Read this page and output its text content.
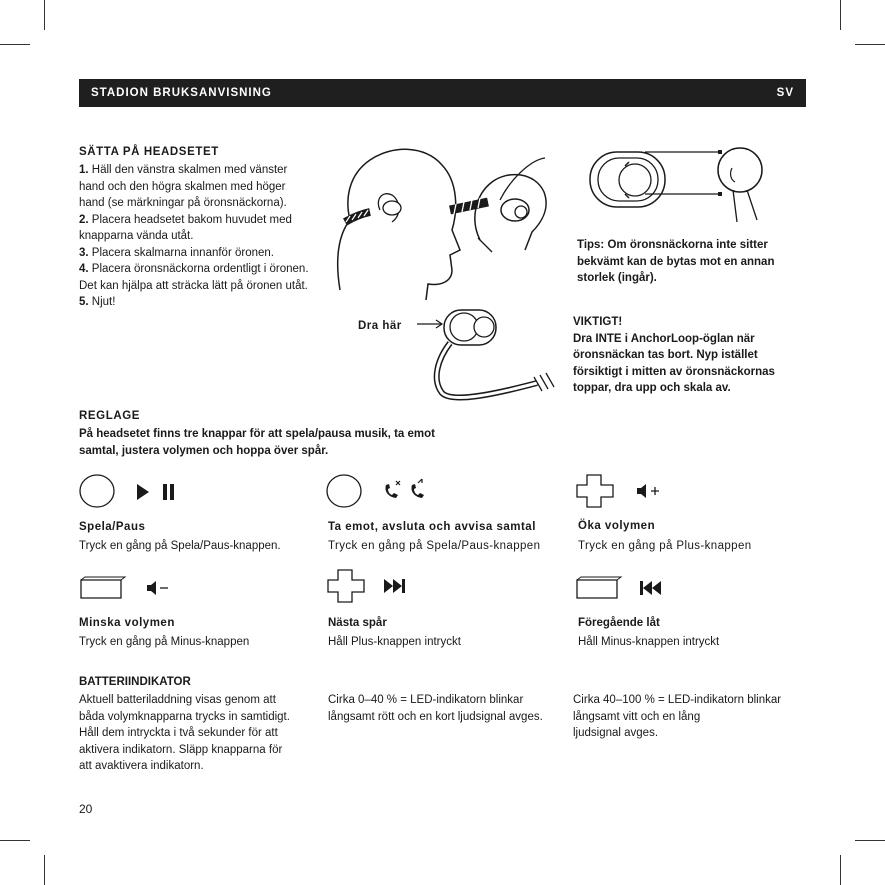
STADION BRUKSANVISNING	SV
SÄTTA PÅ HEADSETET
1. Häll den vänstra skalmen med vänster
hand och den högra skalmen med höger
hand (se märkningar på öronsnäckorna).
2. Placera headsetet bakom huvudet med
knapparna vända utåt.
3. Placera skalmarna innanför öronen.
4. Placera öronsnäckorna ordentligt i öronen.
Det kan hjälpa att sträcka lätt på öronen utåt.
5. Njut!
Tips: Om öronsnäckorna inte sitter
bekvämt kan de bytas mot en annan
storlek (ingår).
Dra här	VIKTIGT!
Dra INTE i AnchorLoop-öglan när
öronsnäckan tas bort. Nyp istället
försiktigt i mitten av öronsnäckornas
toppar, dra upp och skala av.
REGLAGE
På headsetet finns tre knappar för att spela/pausa musik, ta emot
samtal, justera volymen och hoppa över spår.
Spela/Paus
Tryck en gång på Spela/Paus-knappen.
Ta emot, avsluta och avvisa samtal
Tryck en gång på Spela/Paus-knappen
Öka volymen
Tryck en gång på Plus-knappen
Minska volymen
Tryck en gång på Minus-knappen
Nästa spår
Håll Plus-knappen intryckt
Föregående låt
Håll Minus-knappen intryckt
BATTERIINDIKATOR
Aktuell batteriladdning visas genom att
båda volymknapparna trycks in samtidigt.
Håll dem intryckta i två sekunder för att
aktivera indikatorn. Släpp knapparna för
att avaktivera indikatorn.
Cirka 0–40 % = LED-indikatorn blinkar
långsamt rött och en kort ljudsignal avges.
Cirka 40–100 % = LED-indikatorn blinkar
långsamt vitt och en lång
ljudsignal avges.
20
